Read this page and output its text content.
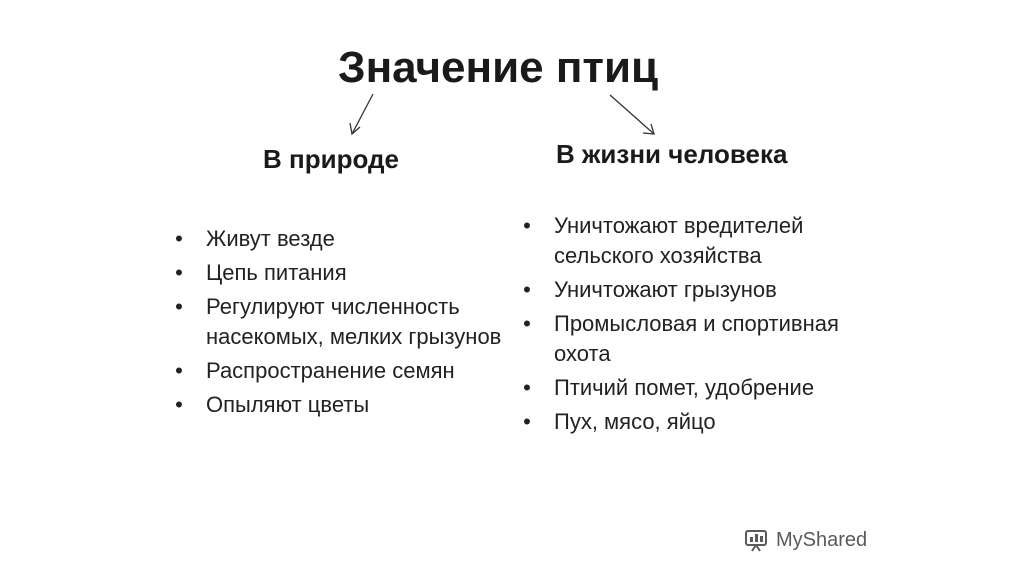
Значение птиц
В природе	В жизни человека
• Живут везде
• Цепь питания
• Регулируют численность насекомых, мелких грызунов
• Распространение семян
• Опыляют цветы
• Уничтожают вредителей сельского хозяйства
• Уничтожают грызунов
• Промысловая и спортивная охота
• Птичий помет, удобрение
• Пух, мясо, яйцо
MyShared
